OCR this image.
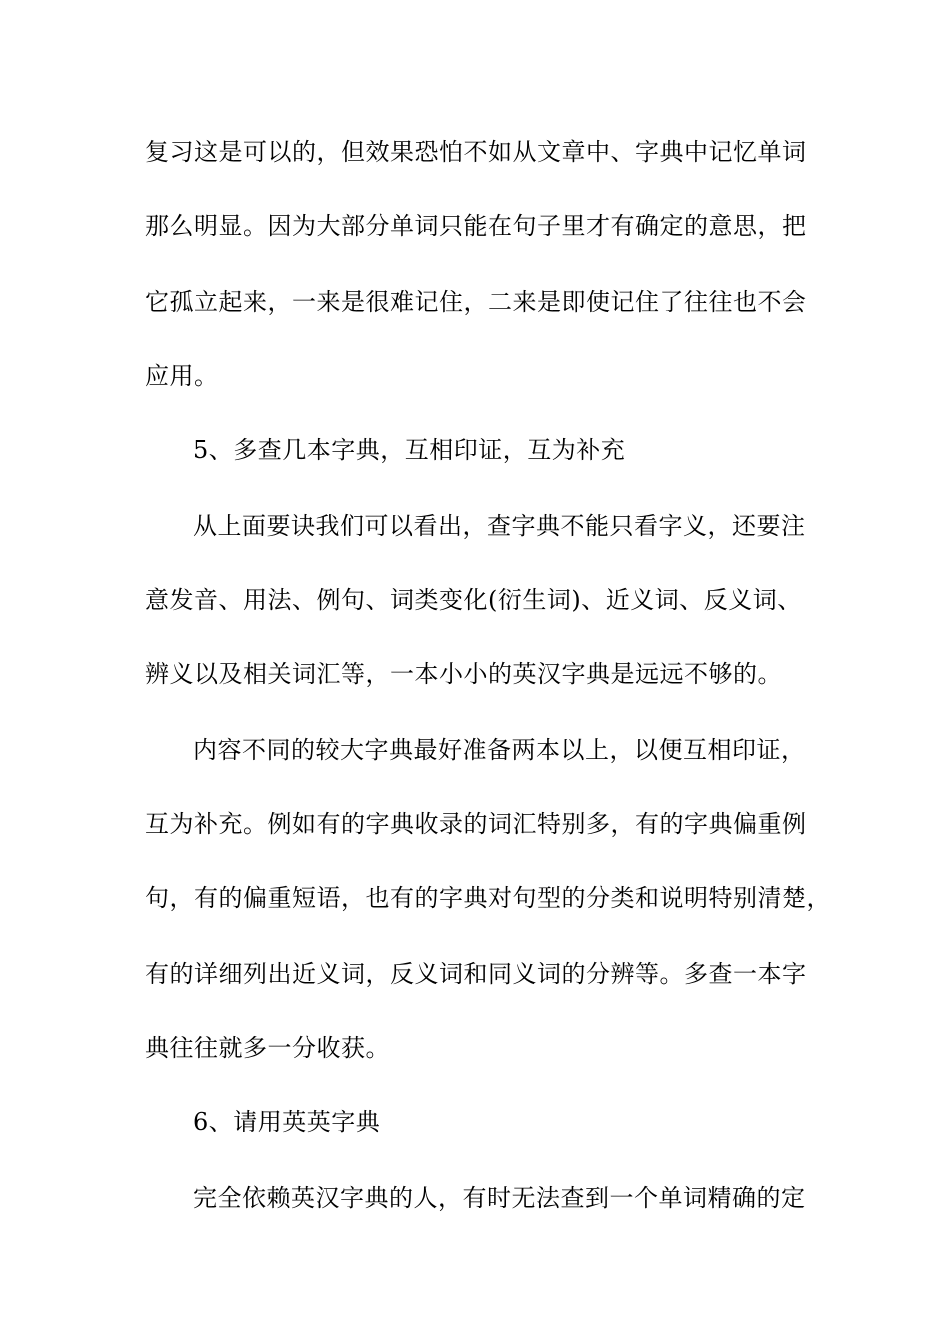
复习这是可以的，但效果恐怕不如从文章中、字典中记忆单词
那么明显。因为大部分单词只能在句子里才有确定的意思，把
它孤立起来，一来是很难记住，二来是即使记住了往往也不会
应用。
5、多查几本字典，互相印证，互为补充
从上面要诀我们可以看出，查字典不能只看字义，还要注
意发音、用法、例句、词类变化(衍生词)、近义词、反义词、
辨义以及相关词汇等，一本小小的英汉字典是远远不够的。
内容不同的较大字典最好准备两本以上，以便互相印证，
互为补充。例如有的字典收录的词汇特别多，有的字典偏重例
句，有的偏重短语，也有的字典对句型的分类和说明特别清楚，
有的详细列出近义词，反义词和同义词的分辨等。多查一本字
典往往就多一分收获。
6、请用英英字典
完全依赖英汉字典的人，有时无法查到一个单词精确的定
